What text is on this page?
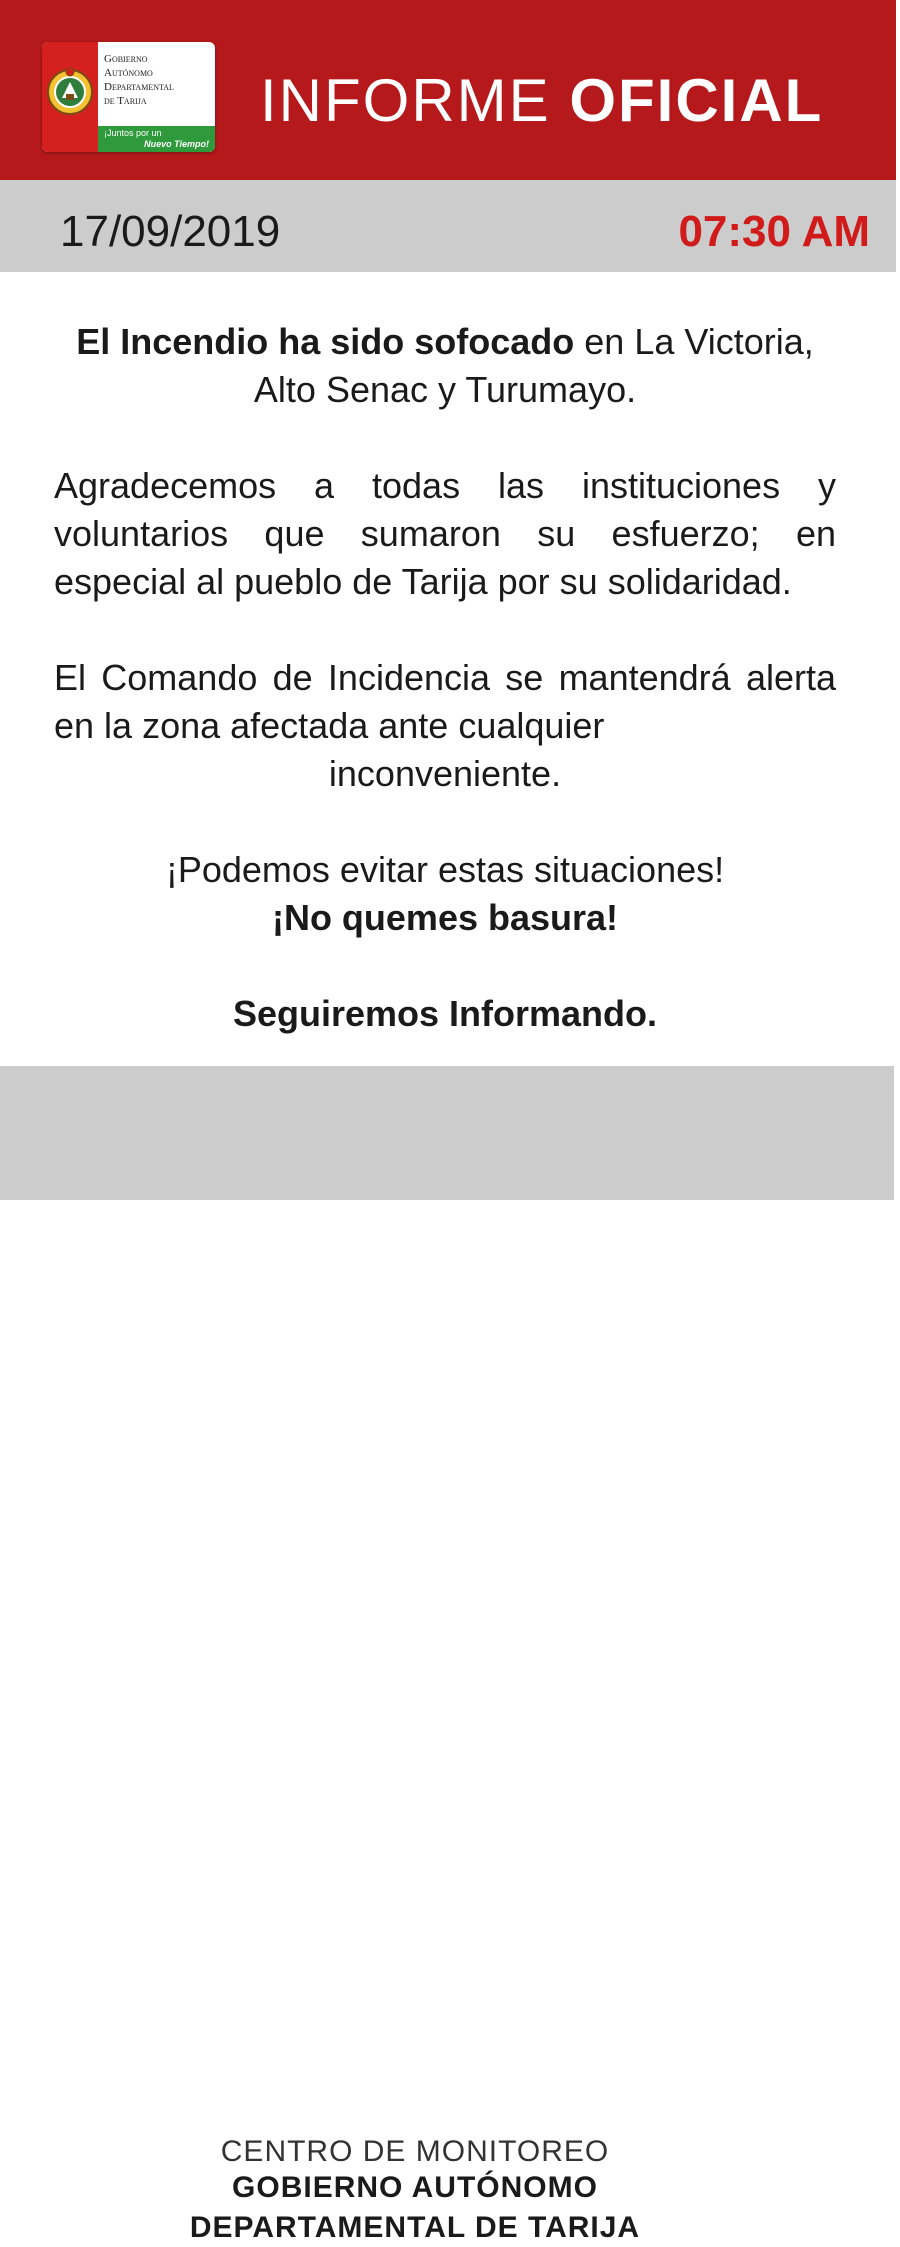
Gobierno
Autónomo
Departamental
de Tarija
¡Juntos por un
Nuevo Tiempo!
INFORME OFICIAL
17/09/2019	07:30 AM

El Incendio ha sido sofocado en La Victoria, Alto Senac y Turumayo.

Agradecemos a todas las instituciones y voluntarios que sumaron su esfuerzo; en especial al pueblo de Tarija por su solidaridad.

El Comando de Incidencia se mantendrá alerta en la zona afectada ante cualquier
inconveniente.

¡Podemos evitar estas situaciones!
¡No quemes basura!

Seguiremos Informando.

CENTRO DE MONITOREO
GOBIERNO AUTÓNOMO
DEPARTAMENTAL DE TARIJA
